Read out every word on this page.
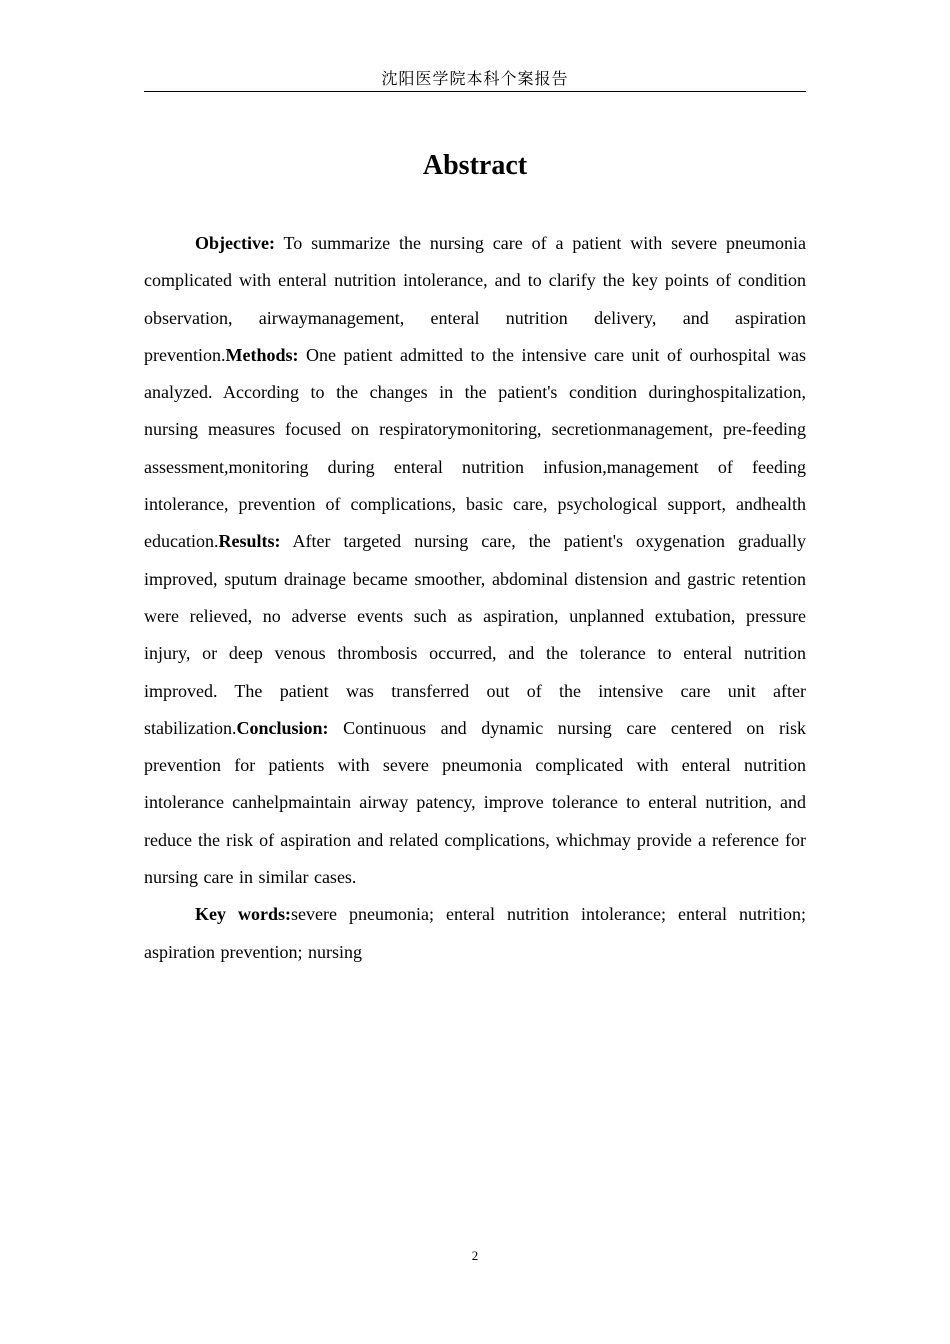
沈阳医学院本科个案报告
Abstract

Objective: To summarize the nursing care of a patient with severe pneumonia complicated with enteral nutrition intolerance, and to clarify the key points of condition observation, airwaymanagement, enteral nutrition delivery, and aspiration prevention.Methods: One patient admitted to the intensive care unit of ourhospital was analyzed. According to the changes in the patient's condition duringhospitalization, nursing measures focused on respiratorymonitoring, secretionmanagement, pre-feeding assessment,monitoring during enteral nutrition infusion,management of feeding intolerance, prevention of complications, basic care, psychological support, andhealth education.Results: After targeted nursing care, the patient's oxygenation gradually improved, sputum drainage became smoother, abdominal distension and gastric retention were relieved, no adverse events such as aspiration, unplanned extubation, pressure injury, or deep venous thrombosis occurred, and the tolerance to enteral nutrition improved. The patient was transferred out of the intensive care unit after stabilization.Conclusion: Continuous and dynamic nursing care centered on risk prevention for patients with severe pneumonia complicated with enteral nutrition intolerance canhelpmaintain airway patency, improve tolerance to enteral nutrition, and reduce the risk of aspiration and related complications, whichmay provide a reference for nursing care in similar cases.

Key words:severe pneumonia; enteral nutrition intolerance; enteral nutrition; aspiration prevention; nursing

2
